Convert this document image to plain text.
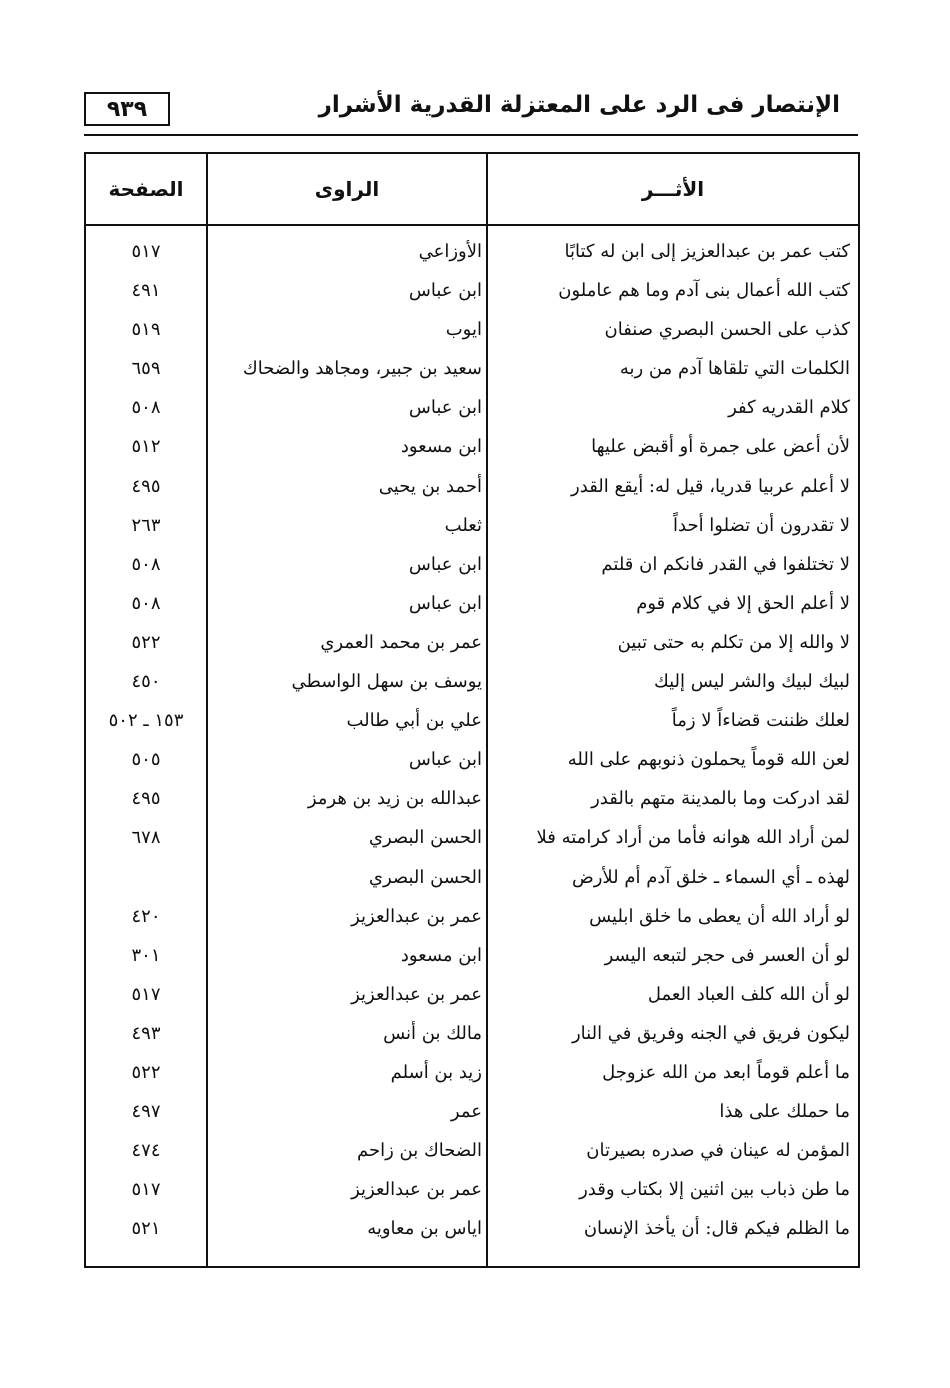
الإنتصار فى الرد على المعتزلة القدرية الأشرار
٩٣٩
الأثـــر
الراوى
الصفحة
كتب عمر بن عبدالعزيز إلى ابن له كتابًا
الأوزاعي
٥١٧
كتب الله أعمال بنى آدم وما هم عاملون
ابن عباس
٤٩١
كذب على الحسن البصري صنفان
ايوب
٥١٩
الكلمات التي تلقاها آدم من ربه
سعيد بن جبير، ومجاهد والضحاك
٦٥٩
كلام القدريه كفر
ابن عباس
٥٠٨
لأن أعض على جمرة أو أقبض عليها
ابن مسعود
٥١٢
لا أعلم عربيا قدريا، قيل له: أيقع القدر
أحمد بن يحيى
٤٩٥
لا تقدرون أن تضلوا أحداً
ثعلب
٢٦٣
لا تختلفوا في القدر فانكم ان قلتم
ابن عباس
٥٠٨
لا أعلم الحق إلا في كلام قوم
ابن عباس
٥٠٨
لا والله إلا من تكلم به حتى تبين
عمر بن محمد العمري
٥٢٢
لبيك لبيك والشر ليس إليك
يوسف بن سهل الواسطي
٤٥٠
لعلك ظننت قضاءاً لا زماً
علي بن أبي طالب
١٥٣ ـ ٥٠٢
لعن الله قوماً يحملون ذنوبهم على الله
ابن عباس
٥٠٥
لقد ادركت وما بالمدينة متهم بالقدر
عبدالله بن زيد بن هرمز
٤٩٥
لمن أراد الله هوانه فأما من أراد كرامته فلا
الحسن البصري
٦٧٨
لهذه ـ أي السماء ـ خلق آدم أم للأرض
الحسن البصري
لو أراد الله أن يعطى ما خلق ابليس
عمر بن عبدالعزيز
٤٢٠
لو أن العسر فى حجر لتبعه اليسر
ابن مسعود
٣٠١
لو أن الله كلف العباد العمل
عمر بن عبدالعزيز
٥١٧
ليكون فريق في الجنه وفريق في النار
مالك بن أنس
٤٩٣
ما أعلم قوماً ابعد من الله عزوجل
زيد بن أسلم
٥٢٢
ما حملك على هذا
عمر
٤٩٧
المؤمن له عينان في صدره بصيرتان
الضحاك بن زاحم
٤٧٤
ما طن ذباب بين اثنين إلا بكتاب وقدر
عمر بن عبدالعزيز
٥١٧
ما الظلم فيكم قال: أن يأخذ الإنسان
اياس بن معاويه
٥٢١
